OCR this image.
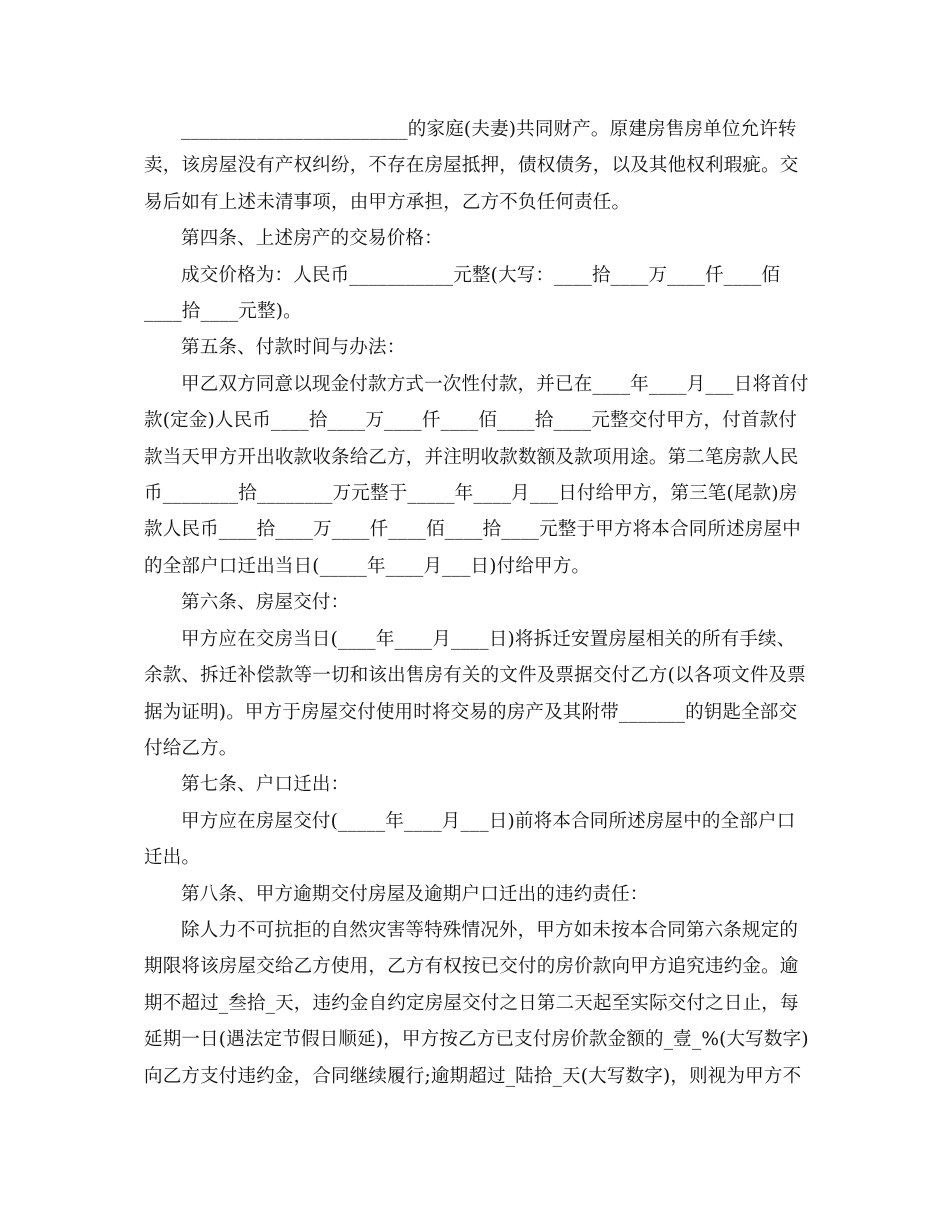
________________________的家庭(夫妻)共同财产。原建房售房单位允许转
卖，该房屋没有产权纠纷，不存在房屋抵押，债权债务，以及其他权利瑕疵。交
易后如有上述未清事项，由甲方承担，乙方不负任何责任。

第四条、上述房产的交易价格：

成交价格为：人民币___________元整(大写：____拾____万____仟____佰
____拾____元整)。

第五条、付款时间与办法：

甲乙双方同意以现金付款方式一次性付款，并已在____年____月___日将首付
款(定金)人民币____拾____万____仟____佰____拾____元整交付甲方，付首款付
款当天甲方开出收款收条给乙方，并注明收款数额及款项用途。第二笔房款人民
币________拾________万元整于_____年____月___日付给甲方，第三笔(尾款)房
款人民币____拾____万____仟____佰____拾____元整于甲方将本合同所述房屋中
的全部户口迁出当日(_____年____月___日)付给甲方。

第六条、房屋交付：

甲方应在交房当日(____年____月____日)将拆迁安置房屋相关的所有手续、
余款、拆迁补偿款等一切和该出售房有关的文件及票据交付乙方(以各项文件及票
据为证明)。甲方于房屋交付使用时将交易的房产及其附带_______的钥匙全部交
付给乙方。

第七条、户口迁出：

甲方应在房屋交付(_____年____月___日)前将本合同所述房屋中的全部户口
迁出。

第八条、甲方逾期交付房屋及逾期户口迁出的违约责任：

除人力不可抗拒的自然灾害等特殊情况外，甲方如未按本合同第六条规定的
期限将该房屋交给乙方使用，乙方有权按已交付的房价款向甲方追究违约金。逾
期不超过_叁拾_天，违约金自约定房屋交付之日第二天起至实际交付之日止，每
延期一日(遇法定节假日顺延)，甲方按乙方已支付房价款金额的_壹_%(大写数字)
向乙方支付违约金，合同继续履行;逾期超过_陆拾_天(大写数字)，则视为甲方不
